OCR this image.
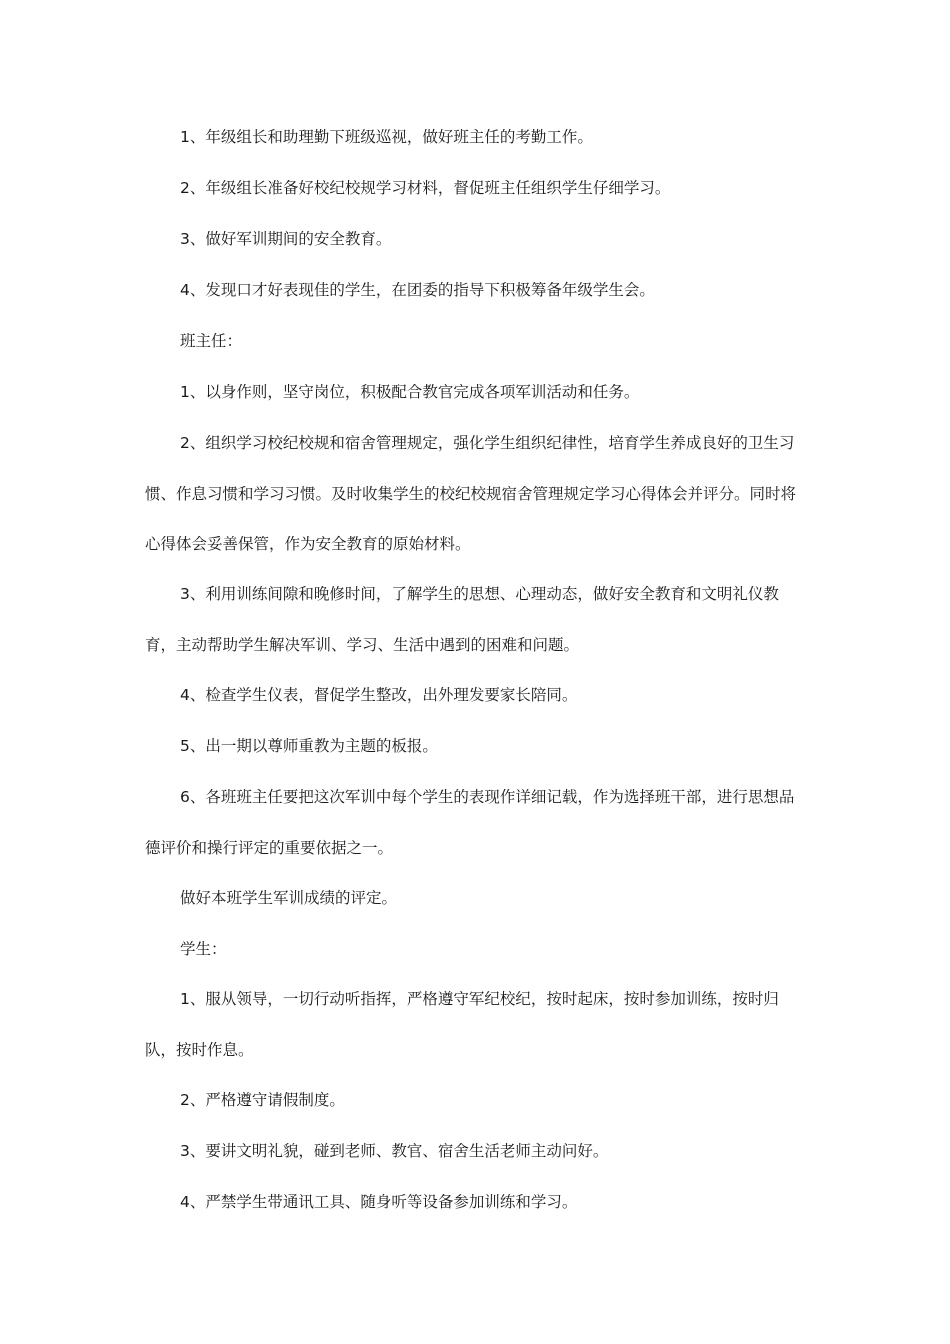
1、年级组长和助理勤下班级巡视，做好班主任的考勤工作。

2、年级组长准备好校纪校规学习材料，督促班主任组织学生仔细学习。

3、做好军训期间的安全教育。

4、发现口才好表现佳的学生，在团委的指导下积极筹备年级学生会。

班主任：

1、以身作则，坚守岗位，积极配合教官完成各项军训活动和任务。

2、组织学习校纪校规和宿舍管理规定，强化学生组织纪律性，培育学生养成良好的卫生习惯、作息习惯和学习习惯。及时收集学生的校纪校规宿舍管理规定学习心得体会并评分。同时将心得体会妥善保管，作为安全教育的原始材料。

3、利用训练间隙和晚修时间，了解学生的思想、心理动态，做好安全教育和文明礼仪教育，主动帮助学生解决军训、学习、生活中遇到的困难和问题。

4、检查学生仪表，督促学生整改，出外理发要家长陪同。

5、出一期以尊师重教为主题的板报。

6、各班班主任要把这次军训中每个学生的表现作详细记载，作为选择班干部，进行思想品德评价和操行评定的重要依据之一。

做好本班学生军训成绩的评定。

学生：

1、服从领导，一切行动听指挥，严格遵守军纪校纪，按时起床，按时参加训练，按时归队，按时作息。

2、严格遵守请假制度。

3、要讲文明礼貌，碰到老师、教官、宿舍生活老师主动问好。

4、严禁学生带通讯工具、随身听等设备参加训练和学习。
